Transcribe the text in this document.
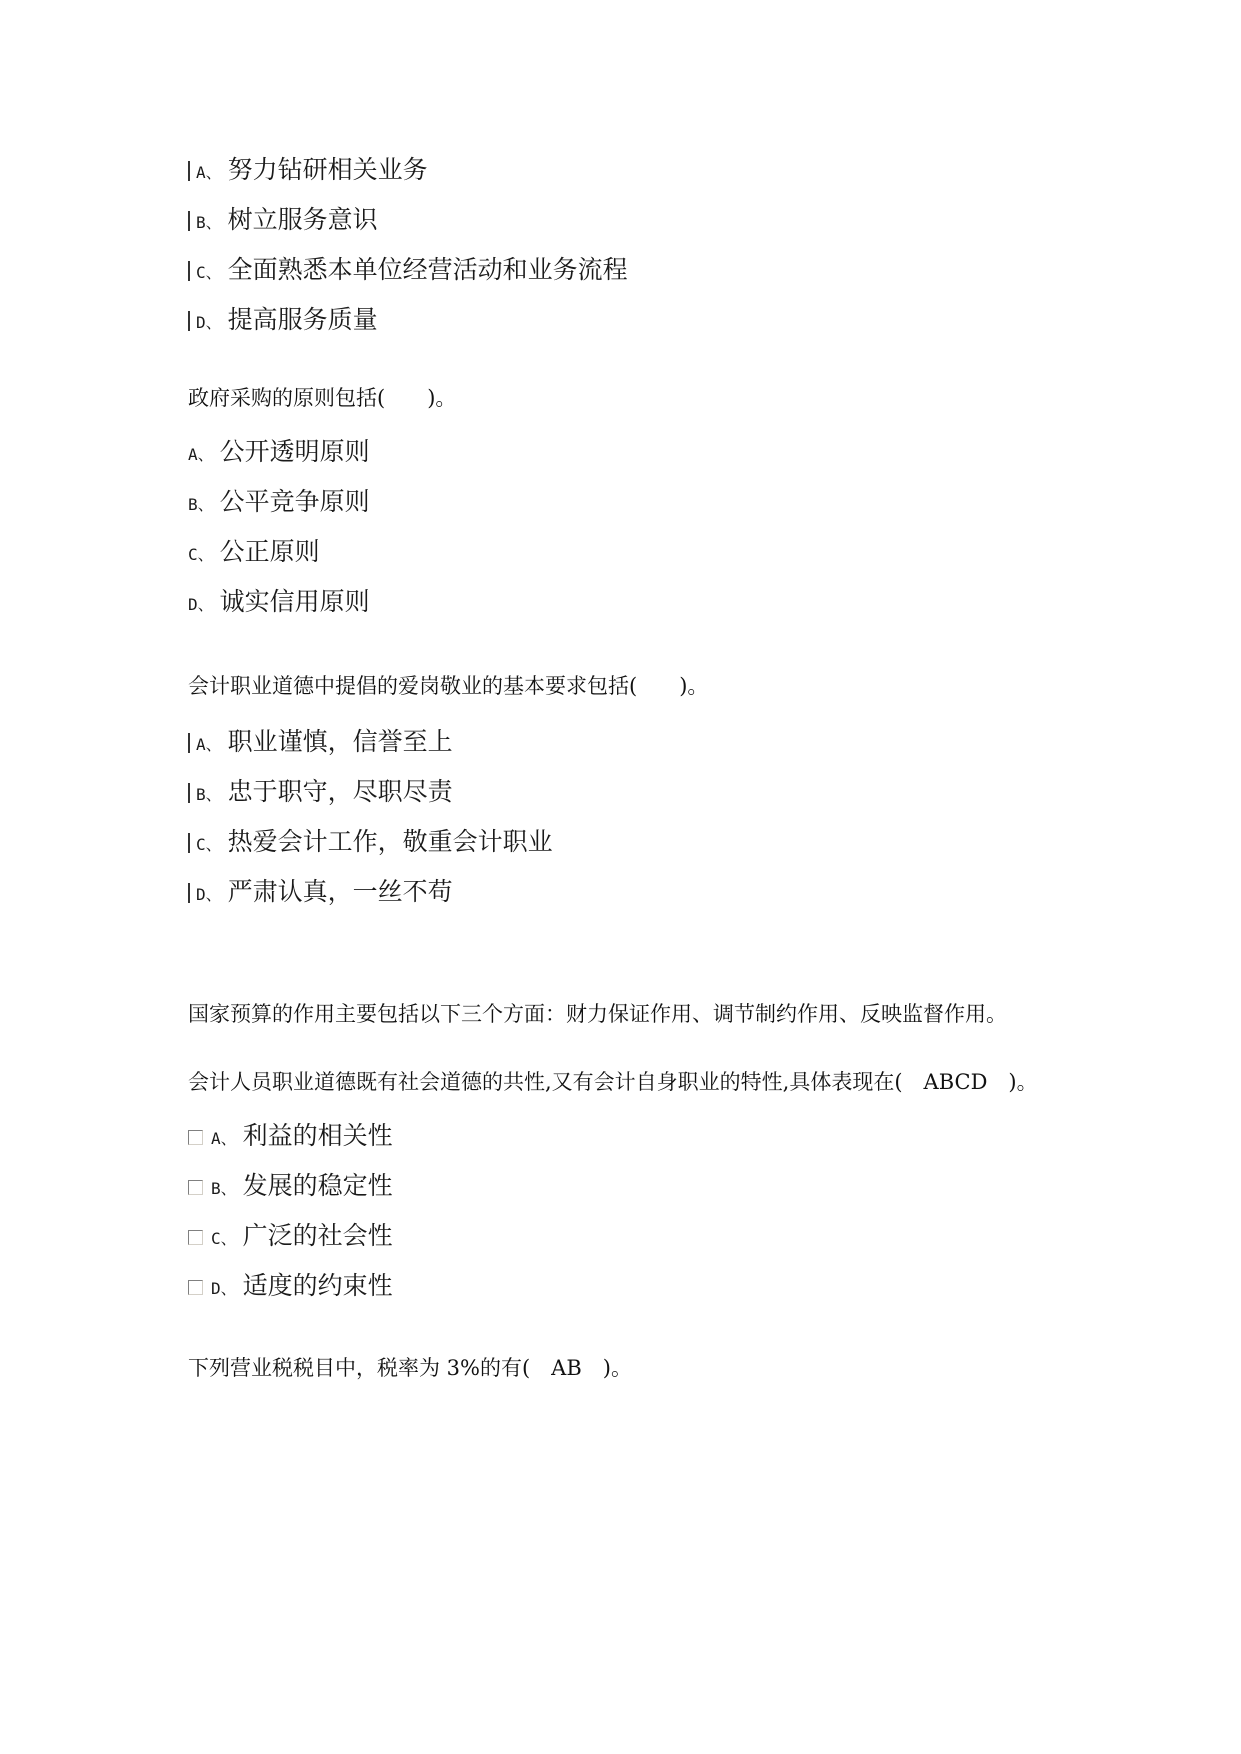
A、 努力钻研相关业务
B、 树立服务意识
C、 全面熟悉本单位经营活动和业务流程
D、 提高服务质量
政府采购的原则包括(　　)。
A、 公开透明原则
B、 公平竞争原则
C、 公正原则
D、 诚实信用原则
会计职业道德中提倡的爱岗敬业的基本要求包括(　　)。
A、 职业谨慎，信誉至上
B、 忠于职守，尽职尽责
C、 热爱会计工作，敬重会计职业
D、 严肃认真，一丝不苟
国家预算的作用主要包括以下三个方面：财力保证作用、调节制约作用、反映监督作用。
会计人员职业道德既有社会道德的共性,又有会计自身职业的特性,具体表现在(　ABCD　)。
A、 利益的相关性
B、 发展的稳定性
C、 广泛的社会性
D、 适度的约束性
下列营业税税目中，税率为 3%的有(　AB　)。
